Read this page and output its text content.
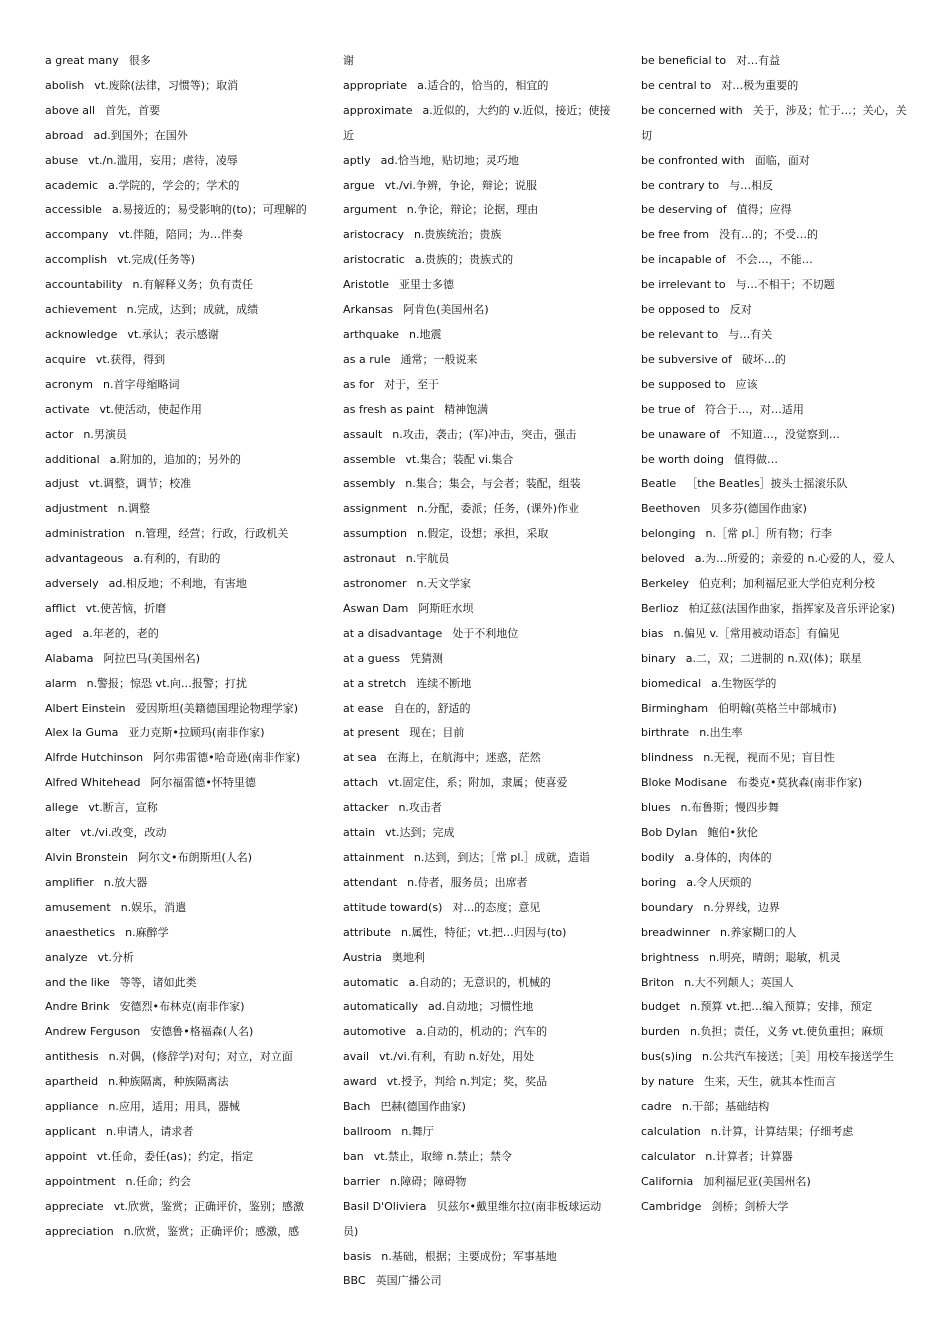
a great many 很多

abolish vt.废除(法律，习惯等)；取消

above all 首先，首要

abroad ad.到国外；在国外

abuse vt./n.滥用，妄用；虐待，凌辱

academic a.学院的，学会的；学术的

accessible a.易接近的；易受影响的(to)；可理解的

accompany vt.伴随，陪同；为…伴奏

accomplish vt.完成(任务等)

accountability n.有解释义务；负有责任

achievement n.完成，达到；成就，成绩

acknowledge vt.承认；表示感谢

acquire vt.获得，得到

acronym n.首字母缩略词

activate vt.使活动，使起作用

actor n.男演员

additional a.附加的，追加的；另外的

adjust vt.调整，调节；校准

adjustment n.调整

administration n.管理，经营；行政，行政机关

advantageous a.有利的，有助的

adversely ad.相反地；不利地，有害地

afflict vt.使苦恼，折磨

aged a.年老的，老的

Alabama 阿拉巴马(美国州名)

alarm n.警报；惊恐 vt.向…报警；打扰

Albert Einstein 爱因斯坦(美籍德国理论物理学家)

Alex la Guma 亚力克斯•拉顾玛(南非作家)

Alfrde Hutchinson 阿尔弗雷德•哈奇逊(南非作家)

Alfred Whitehead 阿尔福雷德•怀特里德

allege vt.断言，宣称

alter vt./vi.改变，改动

Alvin Bronstein 阿尔文•布朗斯坦(人名)

amplifier n.放大器

amusement n.娱乐，消遣

anaesthetics n.麻醉学

analyze vt.分析

and the like 等等，诸如此类

Andre Brink 安德烈•布林克(南非作家)

Andrew Ferguson 安德鲁•格福森(人名)

antithesis n.对偶，(修辞学)对句；对立，对立面

apartheid n.种族隔离，种族隔离法

appliance n.应用，适用；用具，器械

applicant n.申请人，请求者

appoint vt.任命，委任(as)；约定，指定

appointment n.任命；约会

appreciate vt.欣赏，鉴赏；正确评价，鉴别；感激

appreciation n.欣赏，鉴赏；正确评价；感激，感

谢

appropriate a.适合的，恰当的，相宜的

approximate a.近似的，大约的 v.近似，接近；使接近

aptly ad.恰当地，贴切地；灵巧地

argue vt./vi.争辨，争论，辩论；说服

argument n.争论，辩论；论据，理由

aristocracy n.贵族统治；贵族

aristocratic a.贵族的；贵族式的

Aristotle 亚里士多德

Arkansas 阿肯色(美国州名)

arthquake n.地震

as a rule 通常；一般说来

as for 对于，至于

as fresh as paint 精神饱满

assault n.攻击，袭击；(军)冲击，突击，强击

assemble vt.集合；装配 vi.集合

assembly n.集合；集会，与会者；装配，组装

assignment n.分配，委派；任务，(课外)作业

assumption n.假定，设想；承担，采取

astronaut n.宇航员

astronomer n.天文学家

Aswan Dam 阿斯旺水坝

at a disadvantage 处于不利地位

at a guess 凭猜测

at a stretch 连续不断地

at ease 自在的，舒适的

at present 现在；目前

at sea 在海上，在航海中；迷惑，茫然

attach vt.固定住，系；附加，隶属；使喜爱

attacker n.攻击者

attain vt.达到；完成

attainment n.达到，到达；［常 pl.］成就，造诣

attendant n.侍者，服务员；出席者

attitude toward(s) 对…的态度；意见

attribute n.属性，特征；vt.把…归因与(to)

Austria 奥地利

automatic a.自动的；无意识的，机械的

automatically ad.自动地；习惯性地

automotive a.自动的，机动的；汽车的

avail vt./vi.有利，有助 n.好处，用处

award vt.授予，判给 n.判定；奖，奖品

Bach 巴赫(德国作曲家)

ballroom n.舞厅

ban vt.禁止，取缔 n.禁止；禁令

barrier n.障碍；障碍物

Basil D'Oliviera 贝兹尔•戴里维尔拉(南非板球运动员)

basis n.基础，根据；主要成份；军事基地

BBC 英国广播公司

be beneficial to 对…有益

be central to 对…极为重要的

be concerned with 关于，涉及；忙于…；关心，关切

be confronted with 面临，面对

be contrary to 与…相反

be deserving of 值得；应得

be free from 没有…的；不受…的

be incapable of 不会…，不能…

be irrelevant to 与…不相干；不切题

be opposed to 反对

be relevant to 与…有关

be subversive of 破坏…的

be supposed to 应该

be true of 符合于…，对…适用

be unaware of 不知道…，没觉察到…

be worth doing 值得做…

Beatle ［the Beatles］披头士摇滚乐队

Beethoven 贝多芬(德国作曲家)

belonging n.［常 pl.］所有物；行李

beloved a.为…所爱的；亲爱的 n.心爱的人，爱人

Berkeley 伯克利；加利福尼亚大学伯克利分校

Berlioz 柏辽兹(法国作曲家，指挥家及音乐评论家)

bias n.偏见 v.［常用被动语态］有偏见

binary a.二，双；二进制的 n.双(体)；联星

biomedical a.生物医学的

Birmingham 伯明翰(英格兰中部城市)

birthrate n.出生率

blindness n.无视，视而不见；盲目性

Bloke Modisane 布娄克•莫狄森(南非作家)

blues n.布鲁斯；慢四步舞

Bob Dylan 鲍伯•狄伦

bodily a.身体的，肉体的

boring a.令人厌烦的

boundary n.分界线，边界

breadwinner n.养家糊口的人

brightness n.明亮，晴朗；聪敏，机灵

Briton n.大不列颠人；英国人

budget n.预算 vt.把…编入预算；安排，预定

burden n.负担；责任，义务 vt.使负重担；麻烦

bus(s)ing n.公共汽车接送；［美］用校车接送学生

by nature 生来，天生，就其本性而言

cadre n.干部；基础结构

calculation n.计算，计算结果；仔细考虑

calculator n.计算者；计算器

California 加利福尼亚(美国州名)

Cambridge 剑桥；剑桥大学
